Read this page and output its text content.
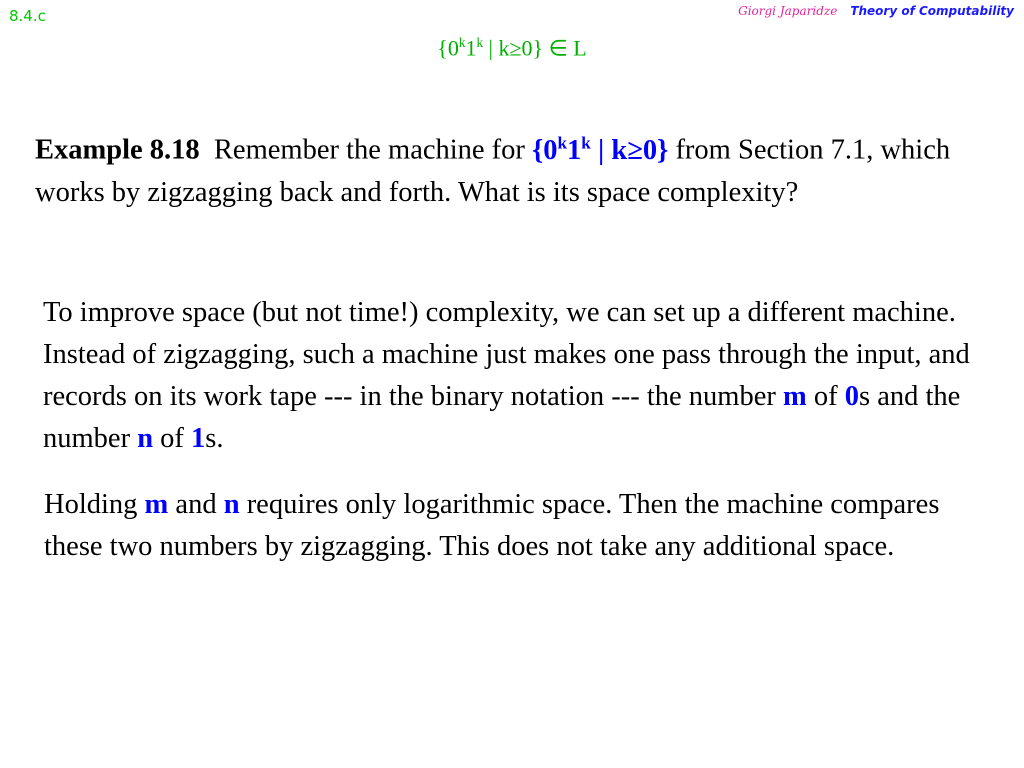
8.4.c	Giorgi Japaridze Theory of Computability
{0$^k$1$^k$ | k≥0} ∈ L

Example 8.18 Remember the machine for {0$^k$1$^k$ | k≥0} from Section 7.1, which works by zigzagging back and forth. What is its space complexity?

To improve space (but not time!) complexity, we can set up a different machine. Instead of zigzagging, such a machine just makes one pass through the input, and records on its work tape --- in the binary notation --- the number m of 0s and the number n of 1s.

Holding m and n requires only logarithmic space. Then the machine compares these two numbers by zigzagging. This does not take any additional space.
